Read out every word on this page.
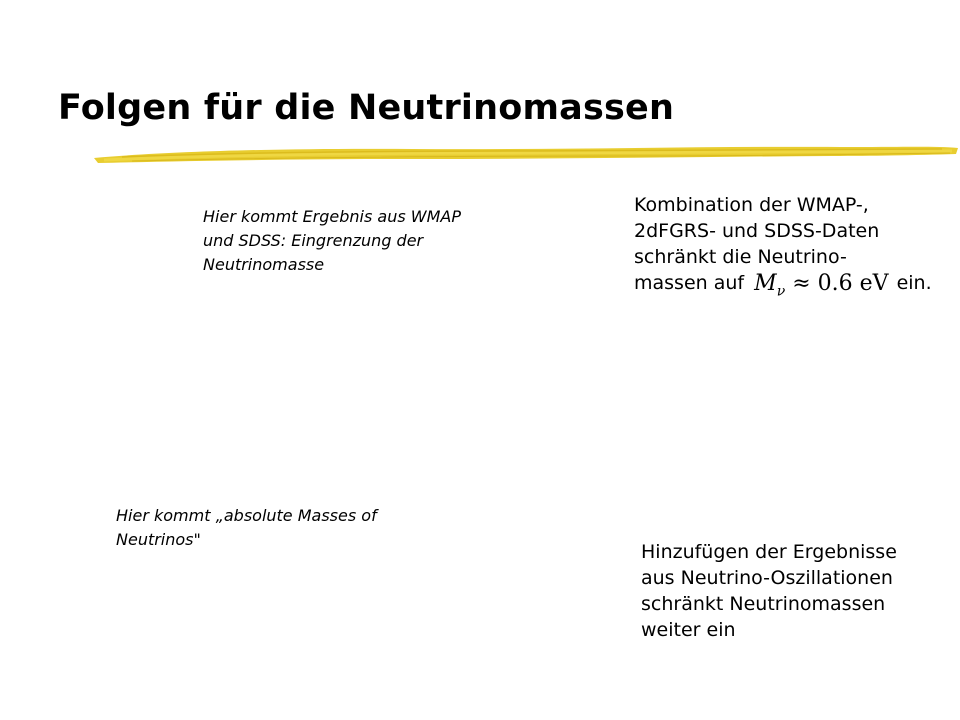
Folgen für die Neutrinomassen
Hier kommt Ergebnis aus WMAP
und SDSS: Eingrenzung der
Neutrinomasse
Kombination der WMAP-,
2dFGRS- und SDSS-Daten
schränkt die Neutrino-
massen auf $M_\nu \approx 0.6$ eV ein.
Hier kommt „absolute Masses of
Neutrinos"
Hinzufügen der Ergebnisse
aus Neutrino-Oszillationen
schränkt Neutrinomassen
weiter ein
